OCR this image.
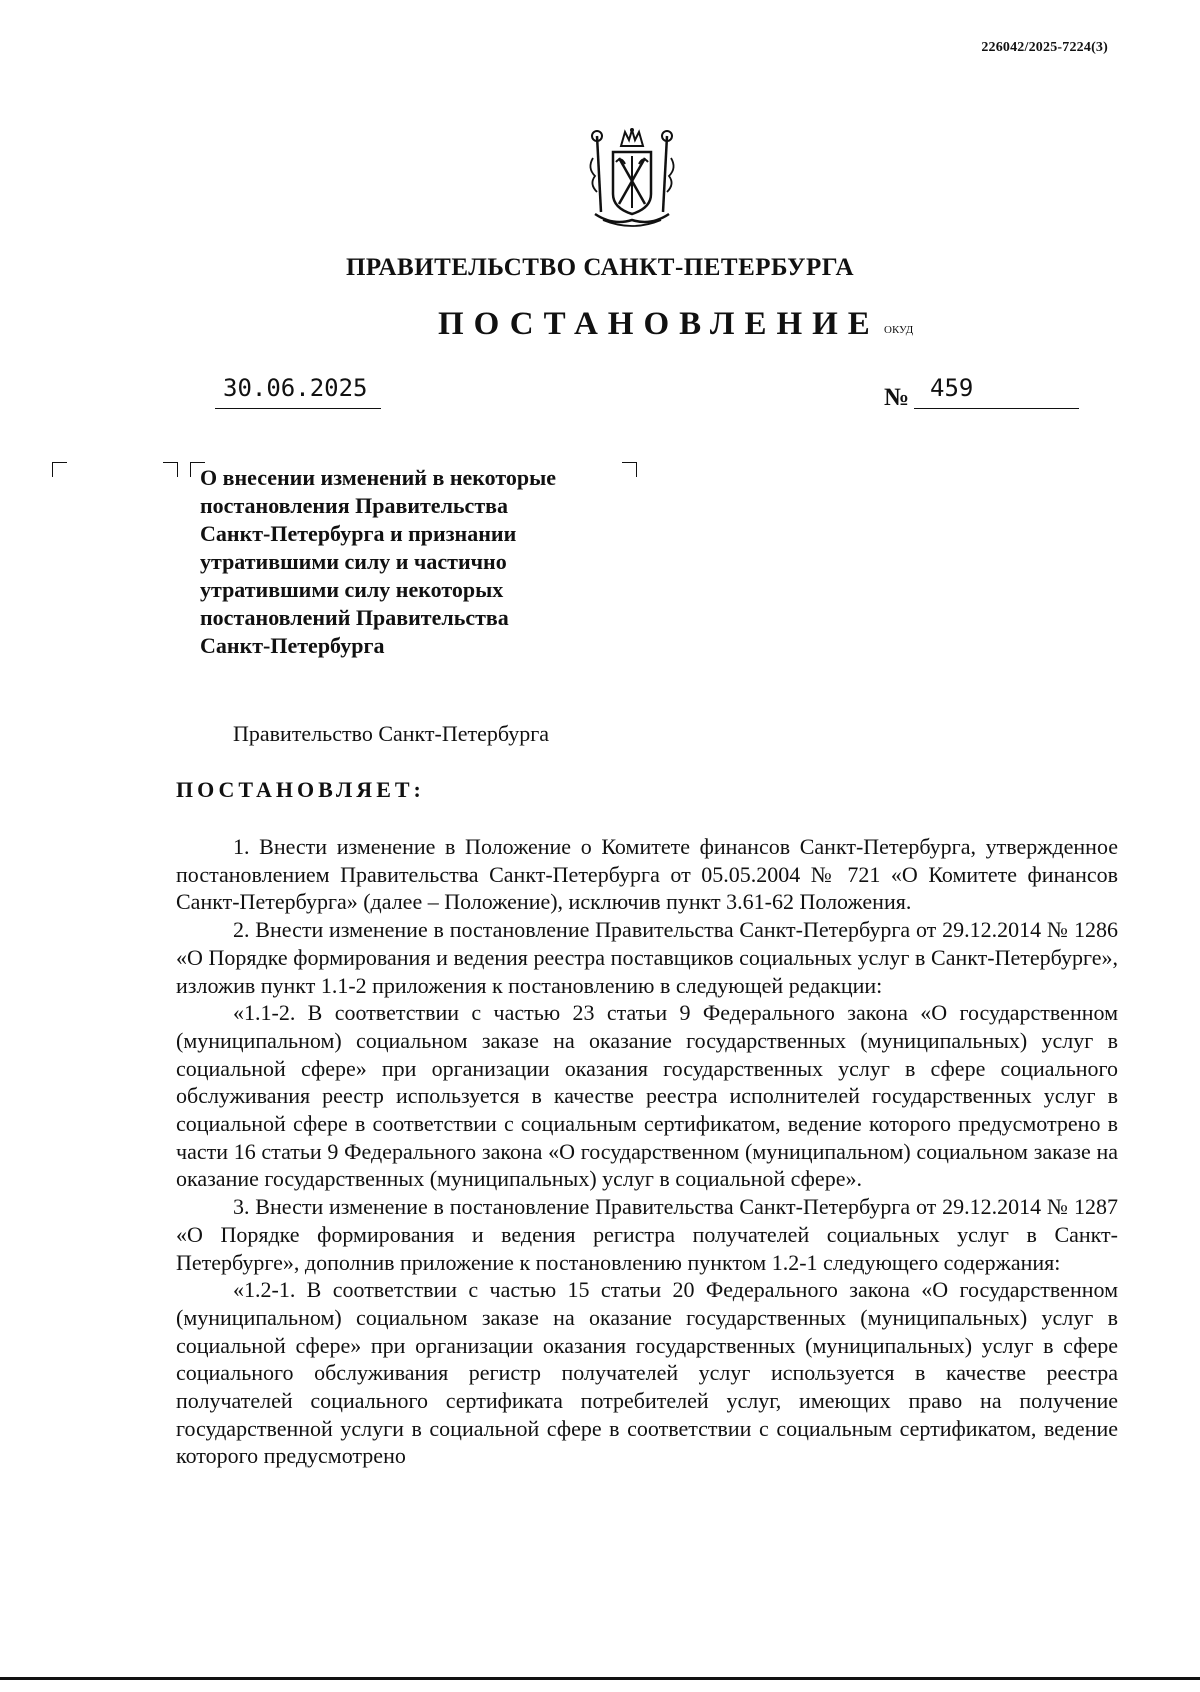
226042/2025-7224(3)
ПРАВИТЕЛЬСТВО САНКТ-ПЕТЕРБУРГА
ПОСТАНОВЛЕНИЕ ОКУД
30.06.2025	№ 459
О внесении изменений в некоторые
постановления Правительства
Санкт-Петербурга и признании
утратившими силу и частично
утратившими силу некоторых
постановлений Правительства
Санкт-Петербурга
Правительство Санкт-Петербурга
ПОСТАНОВЛЯЕТ:

1. Внести изменение в Положение о Комитете финансов Санкт-Петербурга, утвержденное постановлением Правительства Санкт-Петербурга от 05.05.2004 № 721 «О Комитете финансов Санкт-Петербурга» (далее – Положение), исключив пункт 3.61-62 Положения.

2. Внести изменение в постановление Правительства Санкт-Петербурга от 29.12.2014 № 1286 «О Порядке формирования и ведения реестра поставщиков социальных услуг в Санкт-Петербурге», изложив пункт 1.1-2 приложения к постановлению в следующей редакции:

«1.1-2. В соответствии с частью 23 статьи 9 Федерального закона «О государственном (муниципальном) социальном заказе на оказание государственных (муниципальных) услуг в социальной сфере» при организации оказания государственных услуг в сфере социального обслуживания реестр используется в качестве реестра исполнителей государственных услуг в социальной сфере в соответствии с социальным сертификатом, ведение которого предусмотрено в части 16 статьи 9 Федерального закона «О государственном (муниципальном) социальном заказе на оказание государственных (муниципальных) услуг в социальной сфере».

3. Внести изменение в постановление Правительства Санкт-Петербурга от 29.12.2014 № 1287 «О Порядке формирования и ведения регистра получателей социальных услуг в Санкт-Петербурге», дополнив приложение к постановлению пунктом 1.2-1 следующего содержания:

«1.2-1. В соответствии с частью 15 статьи 20 Федерального закона «О государственном (муниципальном) социальном заказе на оказание государственных (муниципальных) услуг в социальной сфере» при организации оказания государственных (муниципальных) услуг в сфере социального обслуживания регистр получателей услуг используется в качестве реестра получателей социального сертификата потребителей услуг, имеющих право на получение государственной услуги в социальной сфере в соответствии с социальным сертификатом, ведение которого предусмотрено
